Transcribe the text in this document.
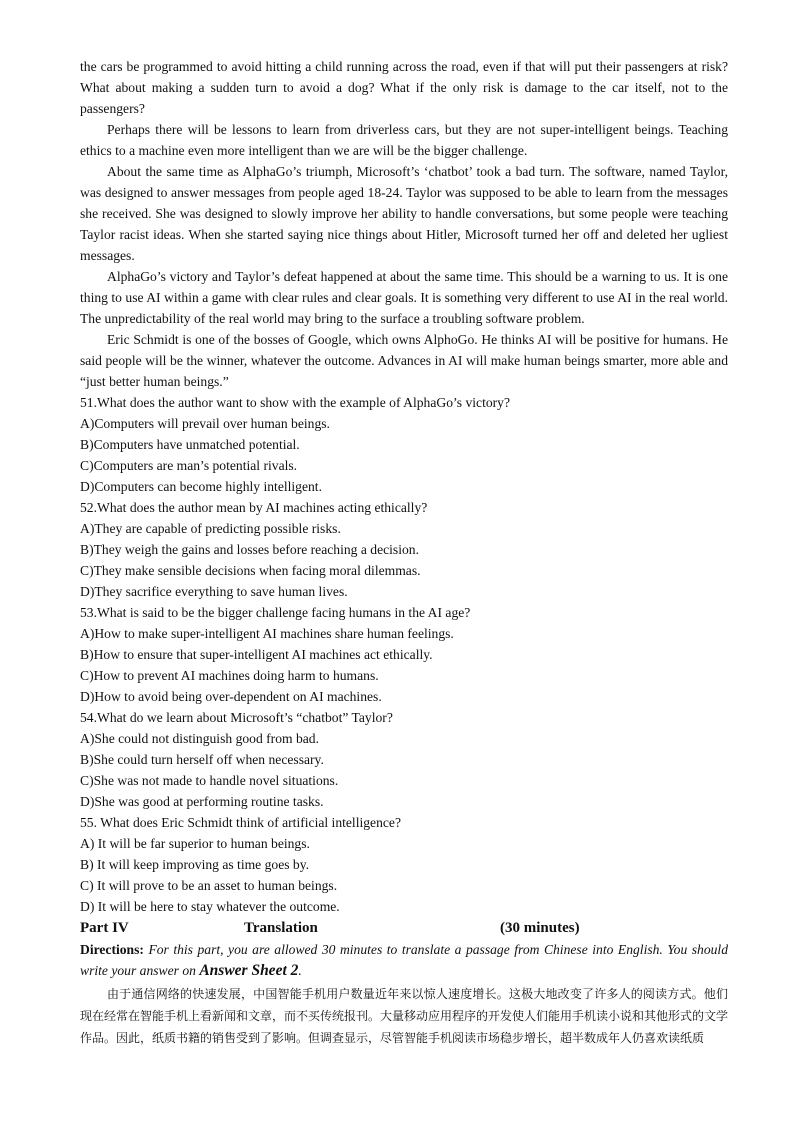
the cars be programmed to avoid hitting a child running across the road, even if that will put their passengers at risk? What about making a sudden turn to avoid a dog? What if the only risk is damage to the car itself, not to the passengers?

Perhaps there will be lessons to learn from driverless cars, but they are not super-intelligent beings. Teaching ethics to a machine even more intelligent than we are will be the bigger challenge.

About the same time as AlphaGo’s triumph, Microsoft’s ‘chatbot’ took a bad turn. The software, named Taylor, was designed to answer messages from people aged 18-24. Taylor was supposed to be able to learn from the messages she received. She was designed to slowly improve her ability to handle conversations, but some people were teaching Taylor racist ideas. When she started saying nice things about Hitler, Microsoft turned her off and deleted her ugliest messages.

AlphaGo’s victory and Taylor’s defeat happened at about the same time. This should be a warning to us. It is one thing to use AI within a game with clear rules and clear goals. It is something very different to use AI in the real world. The unpredictability of the real world may bring to the surface a troubling software problem.

Eric Schmidt is one of the bosses of Google, which owns AlphoGo. He thinks AI will be positive for humans. He said people will be the winner, whatever the outcome. Advances in AI will make human beings smarter, more able and “just better human beings.”

51.What does the author want to show with the example of AlphaGo’s victory?
A)Computers will prevail over human beings.
B)Computers have unmatched potential.
C)Computers are man’s potential rivals.
D)Computers can become highly intelligent.
52.What does the author mean by AI machines acting ethically?
A)They are capable of predicting possible risks.
B)They weigh the gains and losses before reaching a decision.
C)They make sensible decisions when facing moral dilemmas.
D)They sacrifice everything to save human lives.
53.What is said to be the bigger challenge facing humans in the AI age?
A)How to make super-intelligent AI machines share human feelings.
B)How to ensure that super-intelligent AI machines act ethically.
C)How to prevent AI machines doing harm to humans.
D)How to avoid being over-dependent on AI machines.
54.What do we learn about Microsoft’s “chatbot” Taylor?
A)She could not distinguish good from bad.
B)She could turn herself off when necessary.
C)She was not made to handle novel situations.
D)She was good at performing routine tasks.
55. What does Eric Schmidt think of artificial intelligence?
A) It will be far superior to human beings.
B) It will keep improving as time goes by.
C) It will prove to be an asset to human beings.
D) It will be here to stay whatever the outcome.
Part IV	Translation	(30 minutes)

Directions: For this part, you are allowed 30 minutes to translate a passage from Chinese into English. You should write your answer on Answer Sheet 2.

由于通信网络的快速发展，中国智能手机用户数量近年来以惊人速度增长。这极大地改变了许多人的阅读方式。他们现在经常在智能手机上看新闻和文章，而不买传统报刊。大量移动应用程序的开发使人们能用手机读小说和其他形式的文学作品。因此，纸质书籍的销售受到了影响。但调查显示，尽管智能手机阅读市场稳步增长，超半数成年人仍喜欢读纸质
